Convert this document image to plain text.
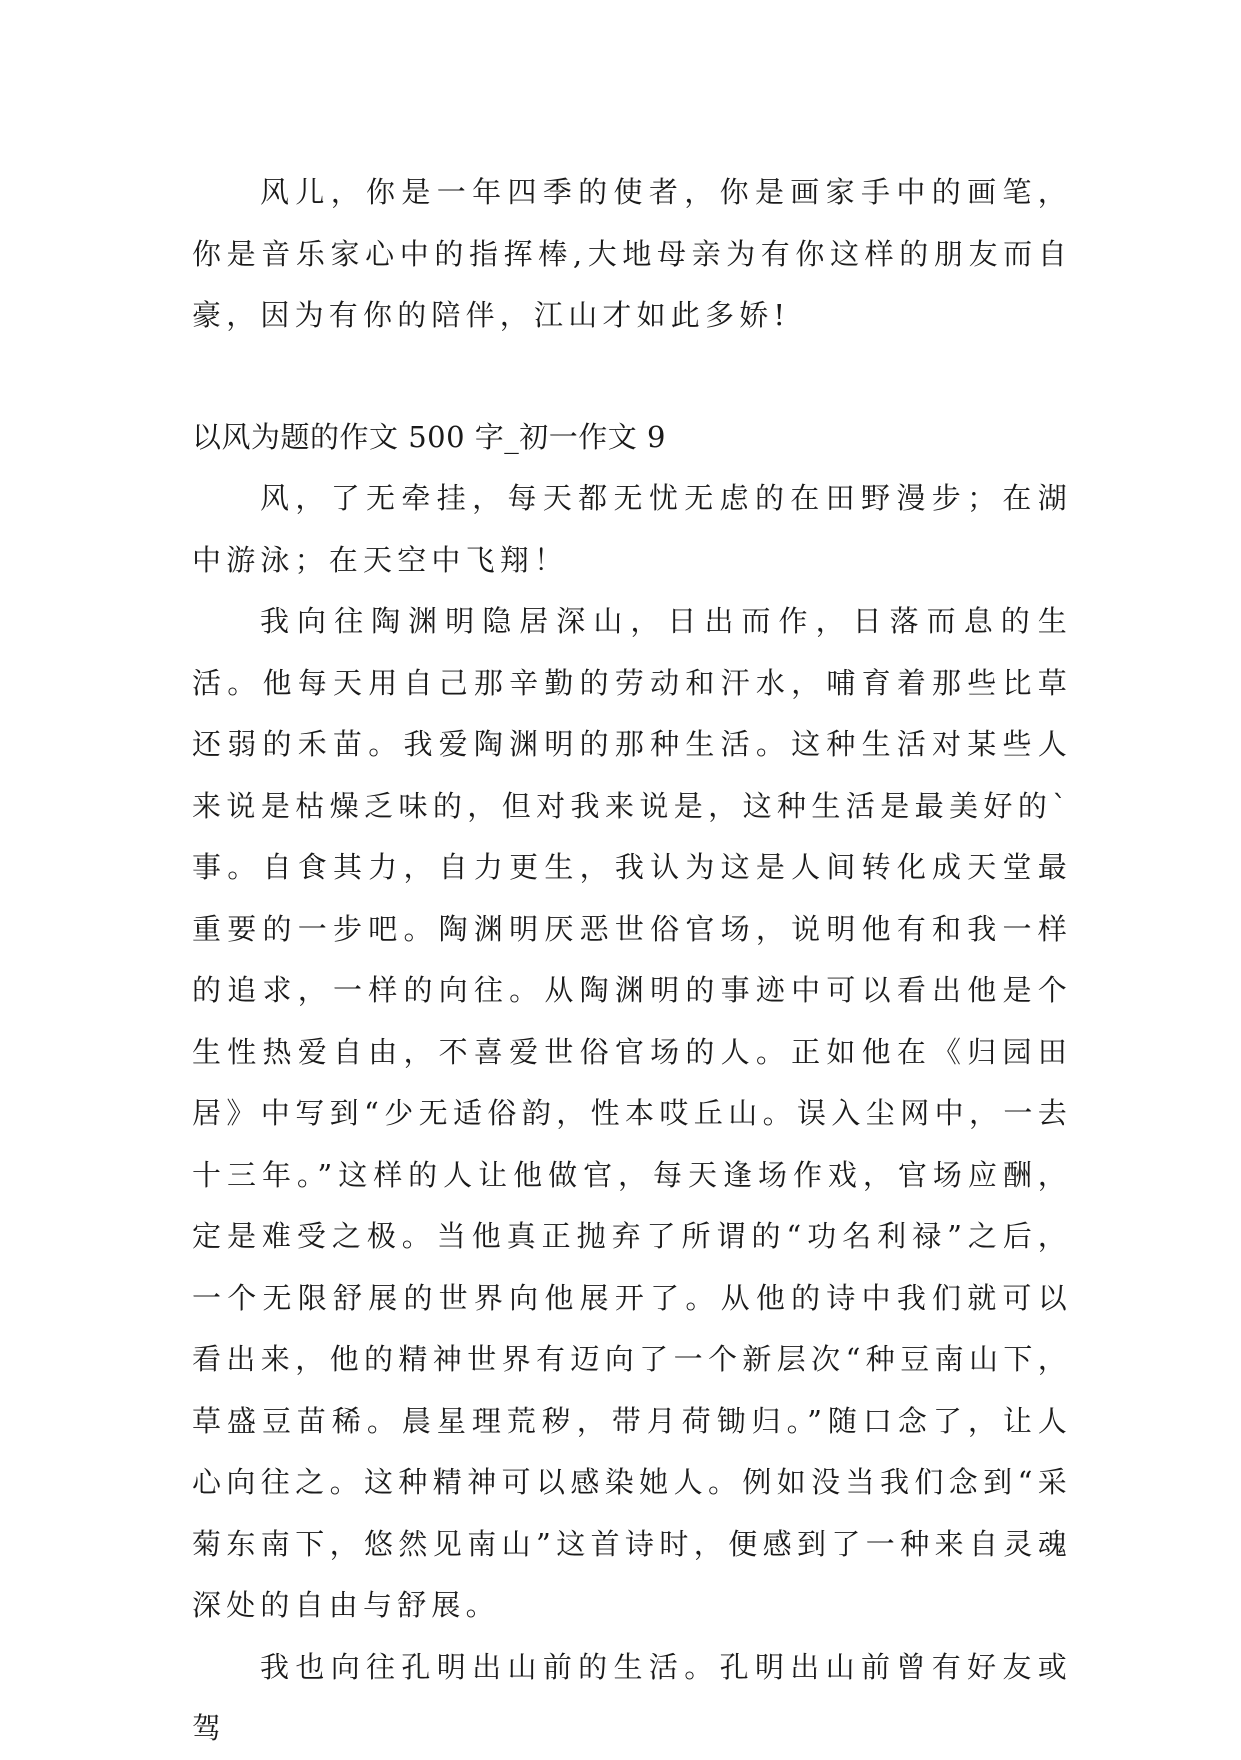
风儿，你是一年四季的使者，你是画家手中的画笔，你是音乐家心中的指挥棒,大地母亲为有你这样的朋友而自豪，因为有你的陪伴，江山才如此多娇!

以风为题的作文 500 字_初一作文 9

风，了无牵挂，每天都无忧无虑的在田野漫步；在湖中游泳；在天空中飞翔！

我向往陶渊明隐居深山，日出而作，日落而息的生活。他每天用自己那辛勤的劳动和汗水，哺育着那些比草还弱的禾苗。我爱陶渊明的那种生活。这种生活对某些人来说是枯燥乏味的，但对我来说是，这种生活是最美好的`事。自食其力，自力更生，我认为这是人间转化成天堂最重要的一步吧。陶渊明厌恶世俗官场，说明他有和我一样的追求，一样的向往。从陶渊明的事迹中可以看出他是个生性热爱自由，不喜爱世俗官场的人。正如他在《归园田居》中写到“少无适俗韵，性本哎丘山。误入尘网中，一去十三年。”这样的人让他做官，每天逢场作戏，官场应酬，定是难受之极。当他真正抛弃了所谓的“功名利禄”之后，一个无限舒展的世界向他展开了。从他的诗中我们就可以看出来，他的精神世界有迈向了一个新层次“种豆南山下，草盛豆苗稀。晨星理荒秽，带月荷锄归。”随口念了，让人心向往之。这种精神可以感染她人。例如没当我们念到“采菊东南下，悠然见南山”这首诗时，便感到了一种来自灵魂深处的自由与舒展。

我也向往孔明出山前的生活。孔明出山前曾有好友或驾
